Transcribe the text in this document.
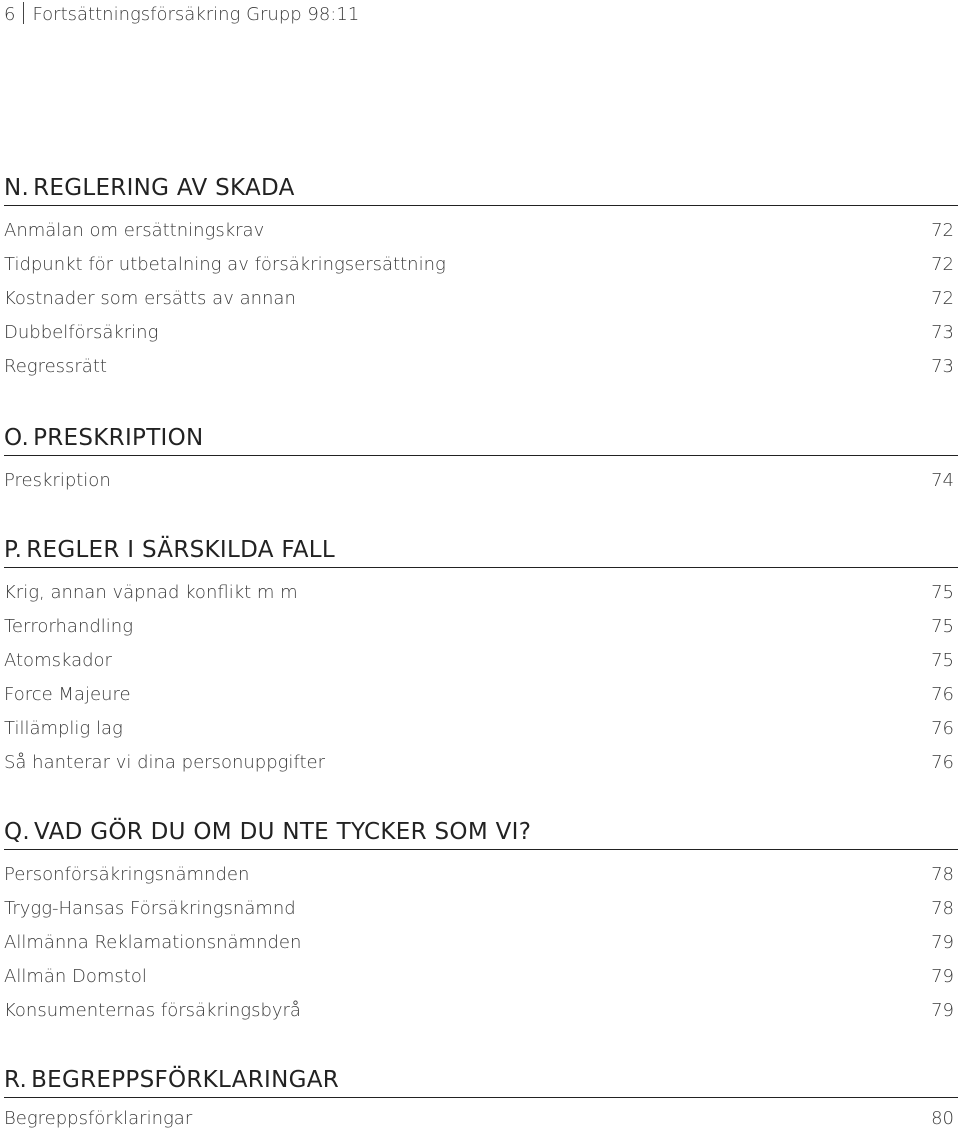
6 Fortsättningsförsäkring Grupp 98:11
N. REGLERING AV SKADA
Anmälan om ersättningskrav	72
Tidpunkt för utbetalning av försäkringsersättning	72
Kostnader som ersätts av annan	72
Dubbelförsäkring	73
Regressrätt	73
O. PRESKRIPTION
Preskription	74
P. REGLER I SÄRSKILDA FALL
Krig, annan väpnad konflikt m m	75
Terrorhandling	75
Atomskador	75
Force Majeure	76
Tillämplig lag	76
Så hanterar vi dina personuppgifter	76
Q. VAD GÖR DU OM DU NTE TYCKER SOM VI?
Personförsäkringsnämnden	78
Trygg-Hansas Försäkringsnämnd	78
Allmänna Reklamationsnämnden	79
Allmän Domstol	79
Konsumenternas försäkringsbyrå	79
R. BEGREPPSFÖRKLARINGAR
Begreppsförklaringar	80
